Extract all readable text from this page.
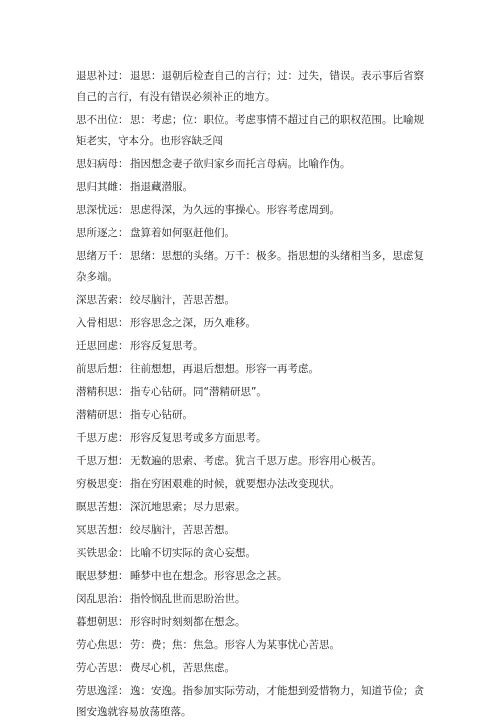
退思补过： 退思：退朝后检查自己的言行；过：过失，错误。表示事后省察自己的言行，有没有错误必须补正的地方。
思不出位： 思：考虑；位：职位。考虑事情不超过自己的职权范围。比喻规矩老实，守本分。也形容缺乏闯
思妇病母： 指因想念妻子欲归家乡而托言母病。比喻作伪。
思归其雌： 指退藏潜服。
思深忧远： 思虑得深，为久远的事操心。形容考虑周到。
思所逐之： 盘算着如何驱赶他们。
思绪万千： 思绪：思想的头绪。万千：极多。指思想的头绪相当多，思虑复杂多端。
深思苦索： 绞尽脑汁，苦思苦想。
入骨相思： 形容思念之深，历久难移。
迁思回虑： 形容反复思考。
前思后想： 往前想想，再退后想想。形容一再考虑。
潜精积思： 指专心钻研。同“潜精研思”。
潜精研思： 指专心钻研。
千思万虑： 形容反复思考或多方面思考。
千思万想： 无数遍的思索、考虑。犹言千思万虑。形容用心极苦。
穷极思变： 指在穷困艰难的时候，就要想办法改变现状。
瞑思苦想： 深沉地思索；尽力思索。
冥思苦想： 绞尽脑汁，苦思苦想。
买铁思金： 比喻不切实际的贪心妄想。
眠思梦想： 睡梦中也在想念。形容思念之甚。
闵乱思治： 指怜悯乱世而思盼治世。
暮想朝思： 形容时时刻刻都在想念。
劳心焦思： 劳：费；焦：焦急。形容人为某事忧心苦思。
劳心苦思： 费尽心机，苦思焦虑。
劳思逸淫： 逸：安逸。指参加实际劳动，才能想到爱惜物力，知道节俭；贪图安逸就容易放荡堕落。
